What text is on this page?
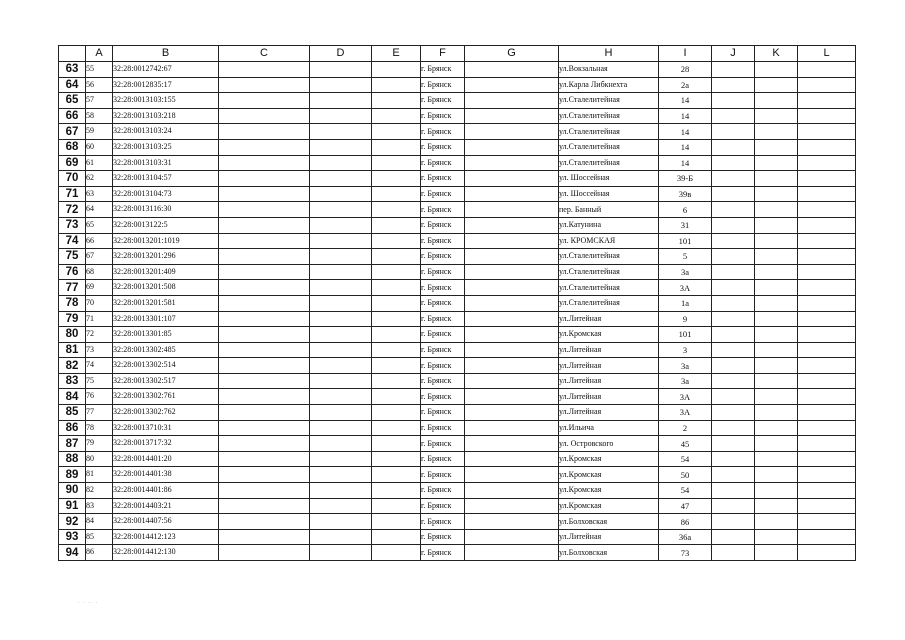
	A	B	C	D	E	F	G	H	I	J	K	L
63	55	32:28:0012742:67				г. Брянск		ул.Вокзальная	28			
64	56	32:28:0012835:17				г. Брянск		ул.Карла Либкнехта	2а			
65	57	32:28:0013103:155				г. Брянск		ул.Сталелитейная	14			
66	58	32:28:0013103:218				г. Брянск		ул.Сталелитейная	14			
67	59	32:28:0013103:24				г. Брянск		ул.Сталелитейная	14			
68	60	32:28:0013103:25				г. Брянск		ул.Сталелитейная	14			
69	61	32:28:0013103:31				г. Брянск		ул.Сталелитейная	14			
70	62	32:28:0013104:57				г. Брянск		ул. Шоссейная	39-Б			
71	63	32:28:0013104:73				г. Брянск		ул. Шоссейная	39в			
72	64	32:28:0013116:30				г. Брянск		пер. Банный	6			
73	65	32:28:0013122:5				г. Брянск		ул.Катунина	31			
74	66	32:28:0013201:1019				г. Брянск		ул. КРОМСКАЯ	101			
75	67	32:28:0013201:296				г. Брянск		ул.Сталелитейная	5			
76	68	32:28:0013201:409				г. Брянск		ул.Сталелитейная	3а			
77	69	32:28:0013201:508				г. Брянск		ул.Сталелитейная	3А			
78	70	32:28:0013201:581				г. Брянск		ул.Сталелитейная	1а			
79	71	32:28:0013301:107				г. Брянск		ул.Литейная	9			
80	72	32:28:0013301:85				г. Брянск		ул.Кромская	101			
81	73	32:28:0013302:485				г. Брянск		ул.Литейная	3			
82	74	32:28:0013302:514				г. Брянск		ул.Литейная	3а			
83	75	32:28:0013302:517				г. Брянск		ул.Литейная	3а			
84	76	32:28:0013302:761				г. Брянск		ул.Литейная	3А			
85	77	32:28:0013302:762				г. Брянск		ул.Литейная	3А			
86	78	32:28:0013710:31				г. Брянск		ул.Ильича	2			
87	79	32:28:0013717:32				г. Брянск		ул. Островского	45			
88	80	32:28:0014401:20				г. Брянск		ул.Кромская	54			
89	81	32:28:0014401:38				г. Брянск		ул.Кромская	50			
90	82	32:28:0014401:86				г. Брянск		ул.Кромская	54			
91	83	32:28:0014403:21				г. Брянск		ул.Кромская	47			
92	84	32:28:0014407:56				г. Брянск		ул.Болховская	86			
93	85	32:28:0014412:123				г. Брянск		ул.Литейная	36а			
94	86	32:28:0014412:130				г. Брянск		ул.Болховская	73			
· · ·· ·
